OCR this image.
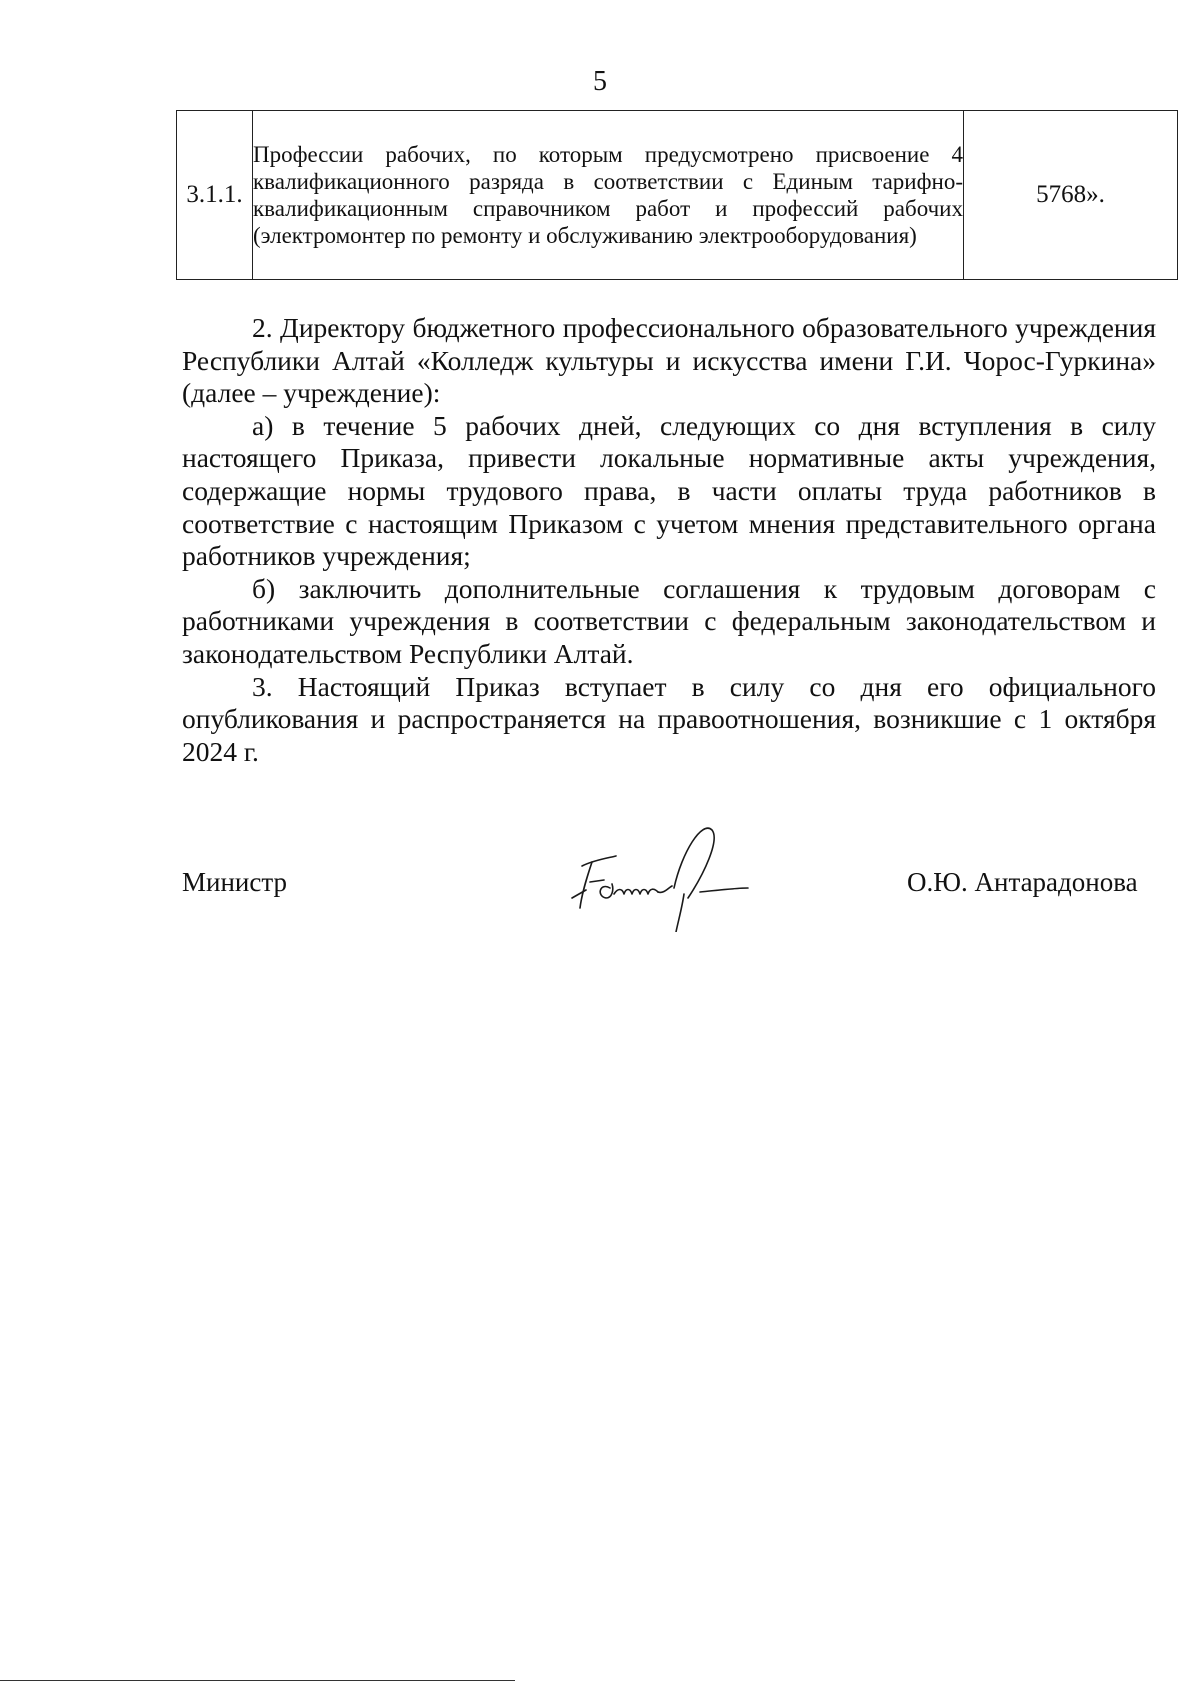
5
3.1.1.	Профессии рабочих, по которым предусмотрено присвоение 4 квалификационного разряда в соответствии с Единым тарифно-квалификационным справочником работ и профессий рабочих (электромонтер по ремонту и обслуживанию электрооборудования)	5768».

2. Директору бюджетного профессионального образовательного учреждения Республики Алтай «Колледж культуры и искусства имени Г.И. Чорос-Гуркина» (далее – учреждение):

а) в течение 5 рабочих дней, следующих со дня вступления в силу настоящего Приказа, привести локальные нормативные акты учреждения, содержащие нормы трудового права, в части оплаты труда работников в соответствие с настоящим Приказом с учетом мнения представительного органа работников учреждения;

б) заключить дополнительные соглашения к трудовым договорам с работниками учреждения в соответствии с федеральным законодательством и законодательством Республики Алтай.

3. Настоящий Приказ вступает в силу со дня его официального опубликования и распространяется на правоотношения, возникшие с 1 октября 2024 г.

Министр	О.Ю. Антарадонова
